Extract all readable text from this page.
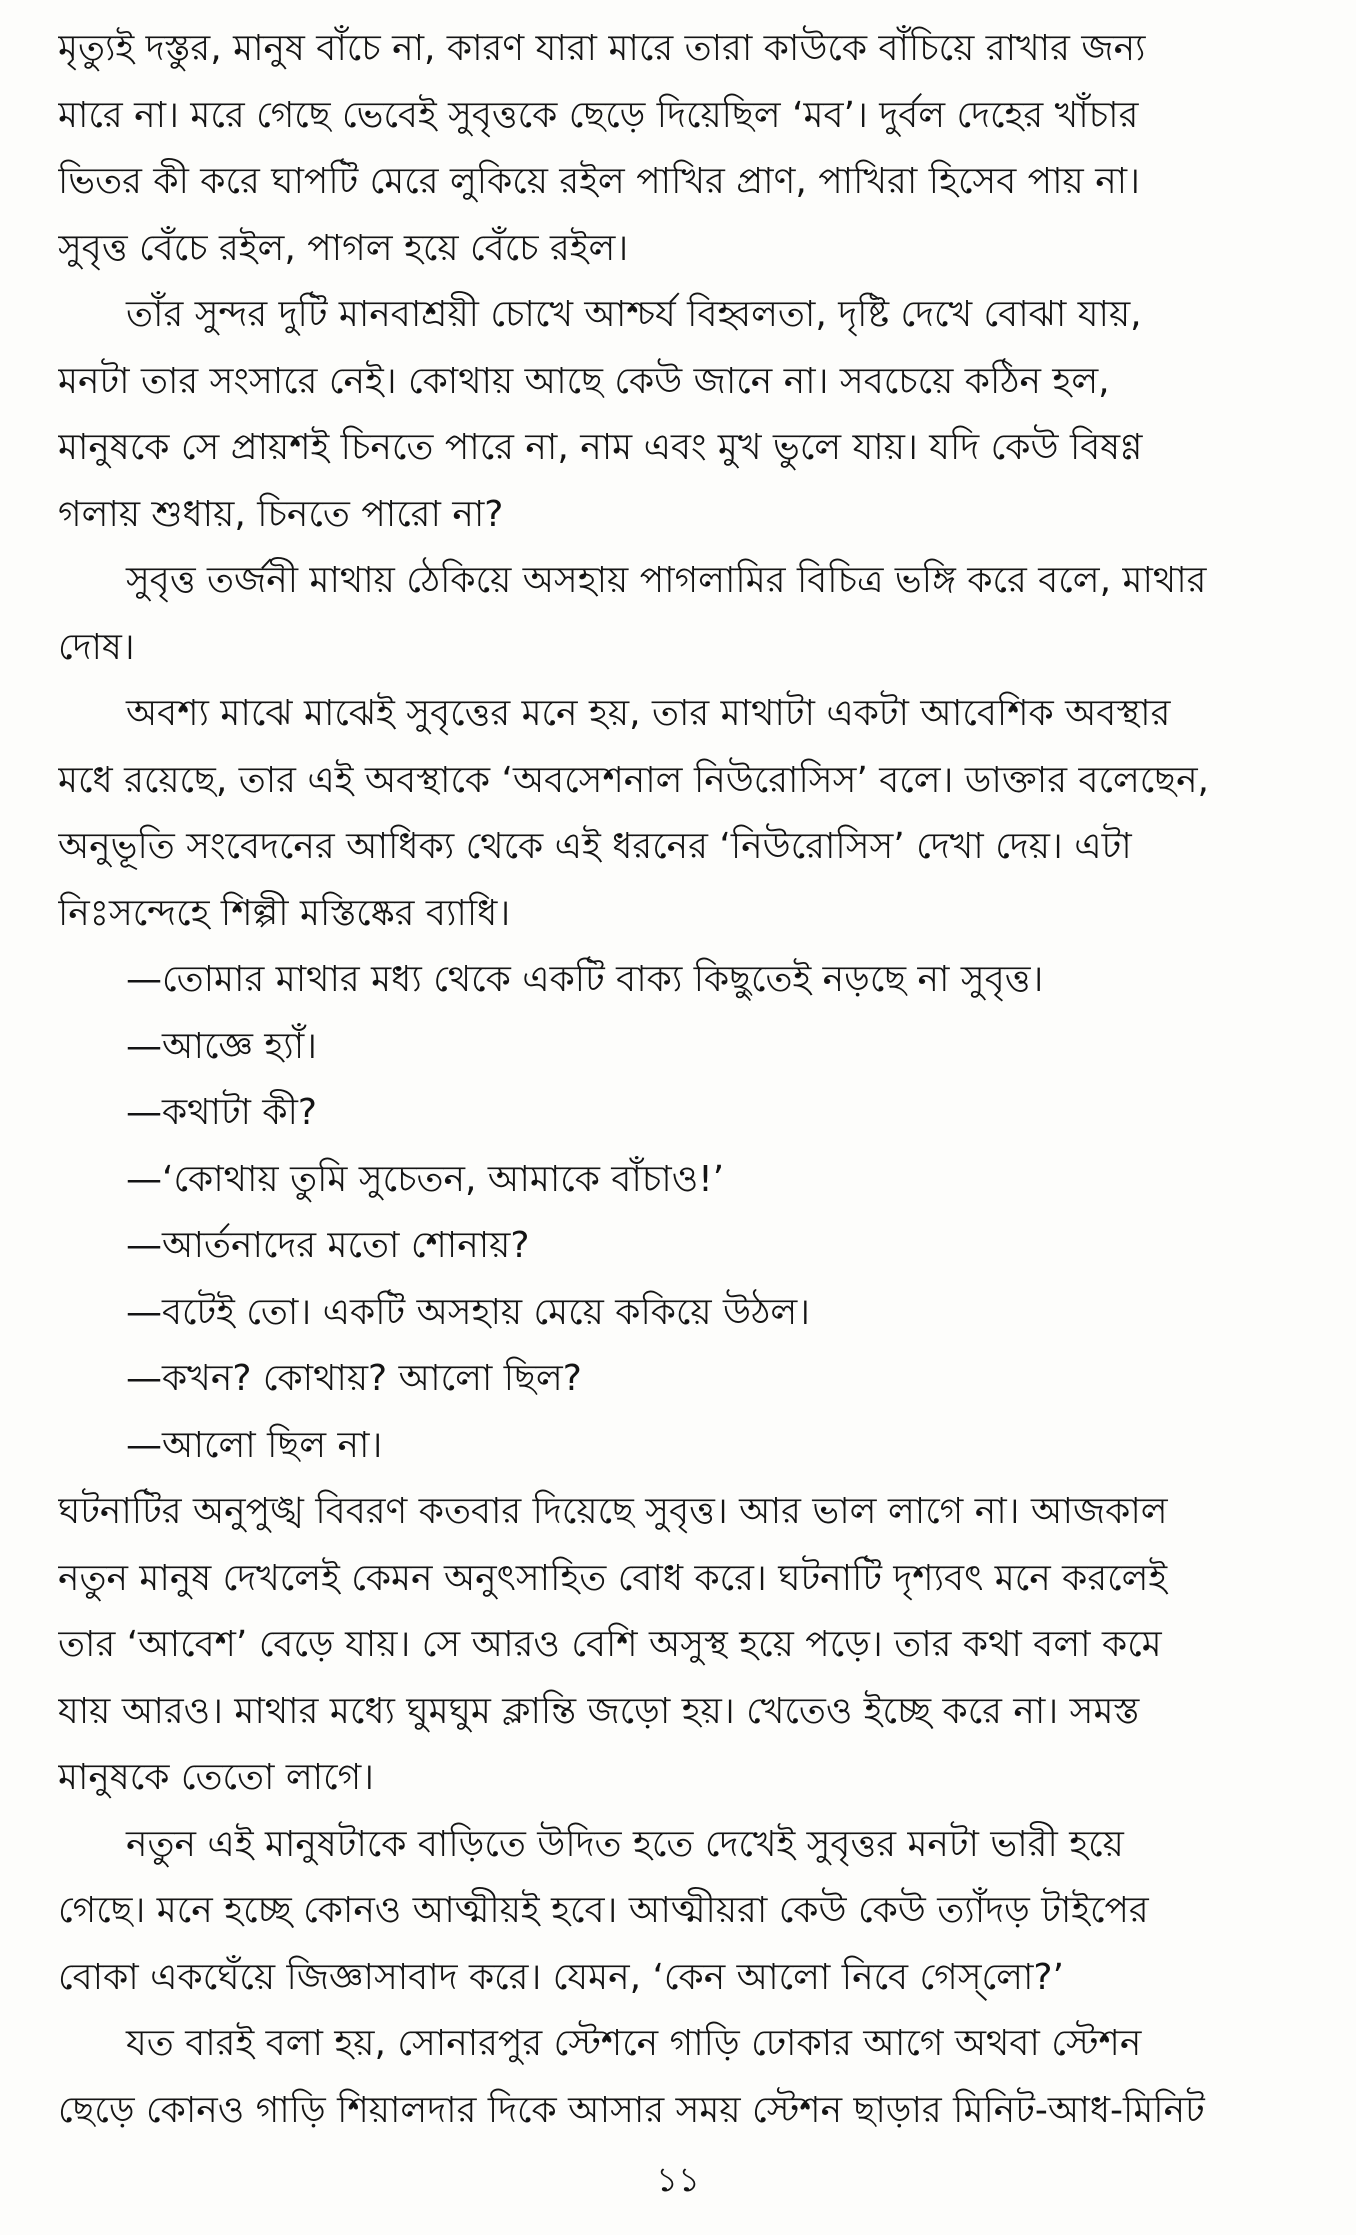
মৃত্যুই দস্তুর, মানুষ বাঁচে না, কারণ যারা মারে তারা কাউকে বাঁচিয়ে রাখার জন্য
মারে না। মরে গেছে ভেবেই সুবৃত্তকে ছেড়ে দিয়েছিল ‘মব’। দুর্বল দেহের খাঁচার
ভিতর কী করে ঘাপটি মেরে লুকিয়ে রইল পাখির প্রাণ, পাখিরা হিসেব পায় না।
সুবৃত্ত বেঁচে রইল, পাগল হয়ে বেঁচে রইল।
তাঁর সুন্দর দুটি মানবাশ্রয়ী চোখে আশ্চর্য বিহ্বলতা, দৃষ্টি দেখে বোঝা যায়,
মনটা তার সংসারে নেই। কোথায় আছে কেউ জানে না। সবচেয়ে কঠিন হল,
মানুষকে সে প্রায়শই চিনতে পারে না, নাম এবং মুখ ভুলে যায়। যদি কেউ বিষণ্ণ
গলায় শুধায়, চিনতে পারো না?
সুবৃত্ত তর্জনী মাথায় ঠেকিয়ে অসহায় পাগলামির বিচিত্র ভঙ্গি করে বলে, মাথার
দোষ।
অবশ্য মাঝে মাঝেই সুবৃত্তের মনে হয়, তার মাথাটা একটা আবেশিক অবস্থার
মধে রয়েছে, তার এই অবস্থাকে ‘অবসেশনাল নিউরোসিস’ বলে। ডাক্তার বলেছেন,
অনুভূতি সংবেদনের আধিক্য থেকে এই ধরনের ‘নিউরোসিস’ দেখা দেয়। এটা
নিঃসন্দেহে শিল্পী মস্তিষ্কের ব্যাধি।
—তোমার মাথার মধ্য থেকে একটি বাক্য কিছুতেই নড়ছে না সুবৃত্ত।
—আজ্ঞে হ্যাঁ।
—কথাটা কী?
—‘কোথায় তুমি সুচেতন, আমাকে বাঁচাও!’
—আর্তনাদের মতো শোনায়?
—বটেই তো। একটি অসহায় মেয়ে ককিয়ে উঠল।
—কখন? কোথায়? আলো ছিল?
—আলো ছিল না।
ঘটনাটির অনুপুঙ্খ বিবরণ কতবার দিয়েছে সুবৃত্ত। আর ভাল লাগে না। আজকাল
নতুন মানুষ দেখলেই কেমন অনুৎসাহিত বোধ করে। ঘটনাটি দৃশ্যবৎ মনে করলেই
তার ‘আবেশ’ বেড়ে যায়। সে আরও বেশি অসুস্থ হয়ে পড়ে। তার কথা বলা কমে
যায় আরও। মাথার মধ্যে ঘুমঘুম ক্লান্তি জড়ো হয়। খেতেও ইচ্ছে করে না। সমস্ত
মানুষকে তেতো লাগে।
নতুন এই মানুষটাকে বাড়িতে উদিত হতে দেখেই সুবৃত্তর মনটা ভারী হয়ে
গেছে। মনে হচ্ছে কোনও আত্মীয়ই হবে। আত্মীয়রা কেউ কেউ ত্যাঁদড় টাইপের
বোকা একঘেঁয়ে জিজ্ঞাসাবাদ করে। যেমন, ‘কেন আলো নিবে গেস্‌লো?’
যত বারই বলা হয়, সোনারপুর স্টেশনে গাড়ি ঢোকার আগে অথবা স্টেশন
ছেড়ে কোনও গাড়ি শিয়ালদার দিকে আসার সময় স্টেশন ছাড়ার মিনিট-আধ-মিনিট
১১
